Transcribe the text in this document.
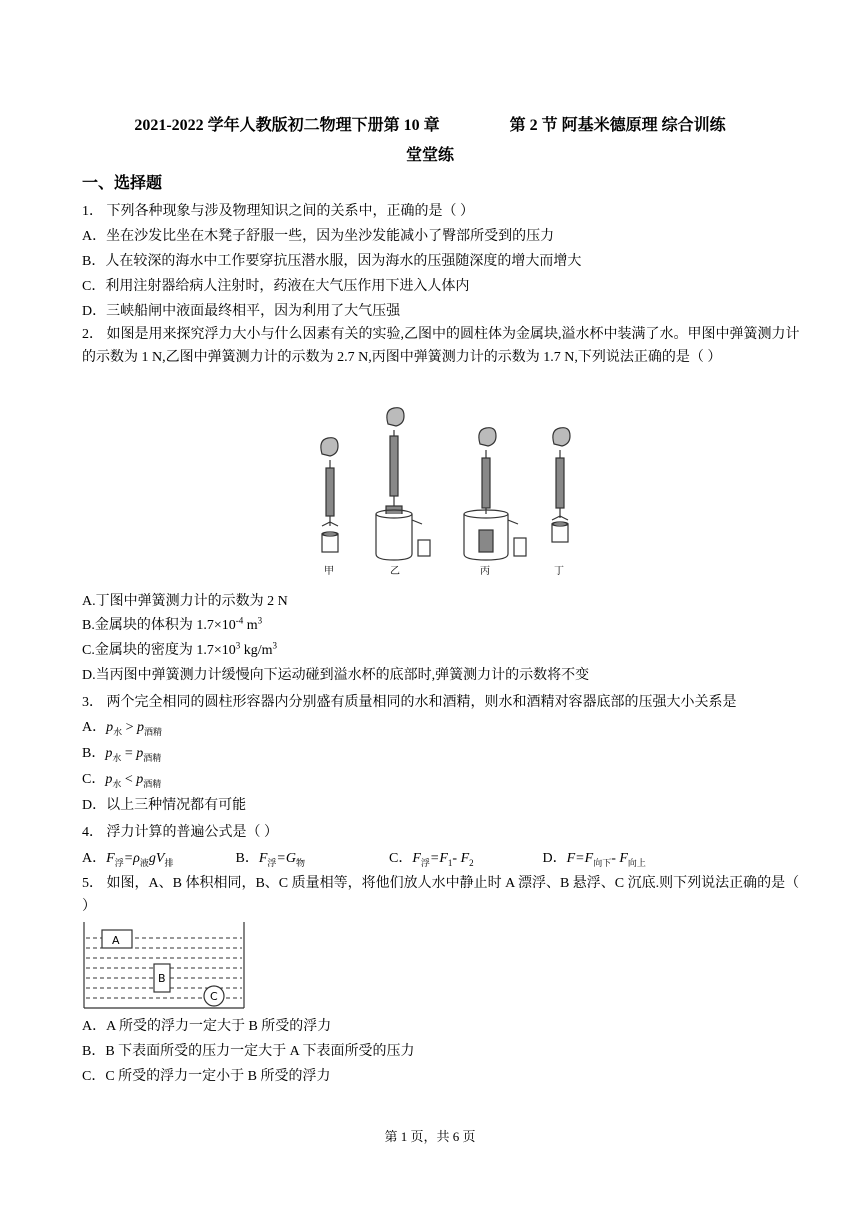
2021-2022 学年人教版初二物理下册第 10 章	第 2 节 阿基米德原理 综合训练
堂堂练
一、选择题
1． 下列各种现象与涉及物理知识之间的关系中，正确的是（ ）
A．坐在沙发比坐在木凳子舒服一些，因为坐沙发能减小了臀部所受到的压力
B．人在较深的海水中工作要穿抗压潜水服，因为海水的压强随深度的增大而增大
C．利用注射器给病人注射时，药液在大气压作用下进入人体内
D．三峡船闸中液面最终相平，因为利用了大气压强
2． 如图是用来探究浮力大小与什么因素有关的实验,乙图中的圆柱体为金属块,溢水杯中装满了水。甲图中弹簧测力计的示数为 1 N,乙图中弹簧测力计的示数为 2.7 N,丙图中弹簧测力计的示数为 1.7 N,下列说法正确的是（ ）
甲	乙	丙	丁
A.丁图中弹簧测力计的示数为 2 N
B.金属块的体积为 $1.7\times 10^{-4}$ $m^3$
C.金属块的密度为 $1.7\times 10^3$ $kg/m^3$
D.当丙图中弹簧测力计缓慢向下运动碰到溢水杯的底部时,弹簧测力计的示数将不变
3． 两个完全相同的圆柱形容器内分别盛有质量相同的水和酒精，则水和酒精对容器底部的压强大小关系是
A．$p_水 > p_{酒精}$
B．$p_水 = p_{酒精}$
C．$p_水 < p_{酒精}$
D．以上三种情况都有可能
4． 浮力计算的普遍公式是（ ）
A．F浮=ρ液gV排	B．F浮=G物	C．F浮=F1- F2	D．F=F向下- F向上
5． 如图，A、B 体积相同，B、C 质量相等，将他们放人水中静止时 A 漂浮、B 悬浮、C 沉底.则下列说法正确的是（ ）
A
B
C
A．A 所受的浮力一定大于 B 所受的浮力
B．B 下表面所受的压力一定大于 A 下表面所受的压力
C．C 所受的浮力一定小于 B 所受的浮力
第 1 页，共 6 页
